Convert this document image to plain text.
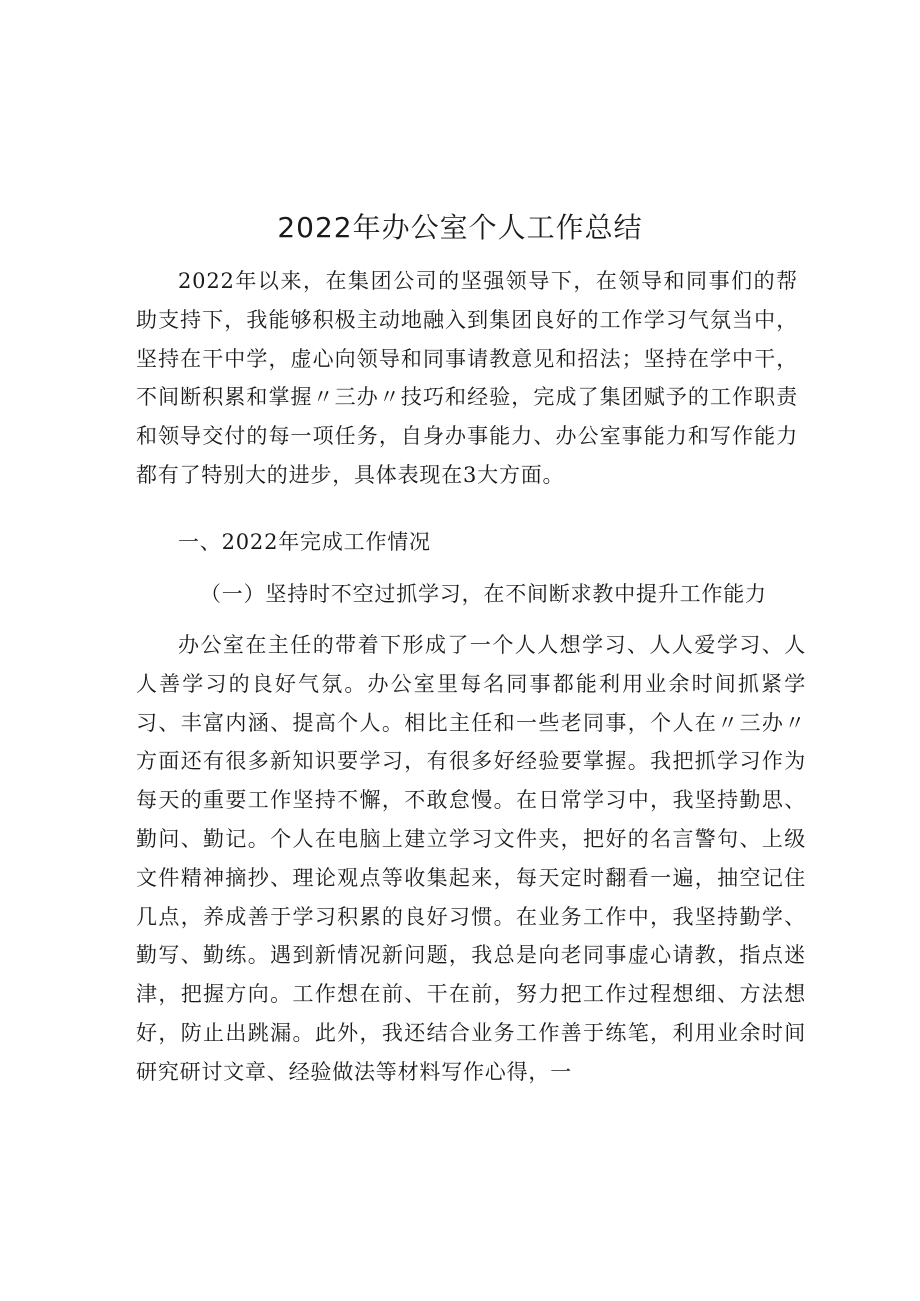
2022年办公室个人工作总结

2022年以来，在集团公司的坚强领导下，在领导和同事们的帮助支持下，我能够积极主动地融入到集团良好的工作学习气氛当中，坚持在干中学，虚心向领导和同事请教意见和招法；坚持在学中干，不间断积累和掌握〃三办〃技巧和经验，完成了集团赋予的工作职责和领导交付的每一项任务，自身办事能力、办公室事能力和写作能力都有了特别大的进步，具体表现在3大方面。

一、2022年完成工作情况

（一）坚持时不空过抓学习，在不间断求教中提升工作能力

办公室在主任的带着下形成了一个人人想学习、人人爱学习、人人善学习的良好气氛。办公室里每名同事都能利用业余时间抓紧学习、丰富内涵、提高个人。相比主任和一些老同事，个人在〃三办〃方面还有很多新知识要学习，有很多好经验要掌握。我把抓学习作为每天的重要工作坚持不懈，不敢怠慢。在日常学习中，我坚持勤思、勤问、勤记。个人在电脑上建立学习文件夹，把好的名言警句、上级文件精神摘抄、理论观点等收集起来，每天定时翻看一遍，抽空记住几点，养成善于学习积累的良好习惯。在业务工作中，我坚持勤学、勤写、勤练。遇到新情况新问题，我总是向老同事虚心请教，指点迷津，把握方向。工作想在前、干在前，努力把工作过程想细、方法想好，防止出跳漏。此外，我还结合业务工作善于练笔，利用业余时间研究研讨文章、经验做法等材料写作心得，一
